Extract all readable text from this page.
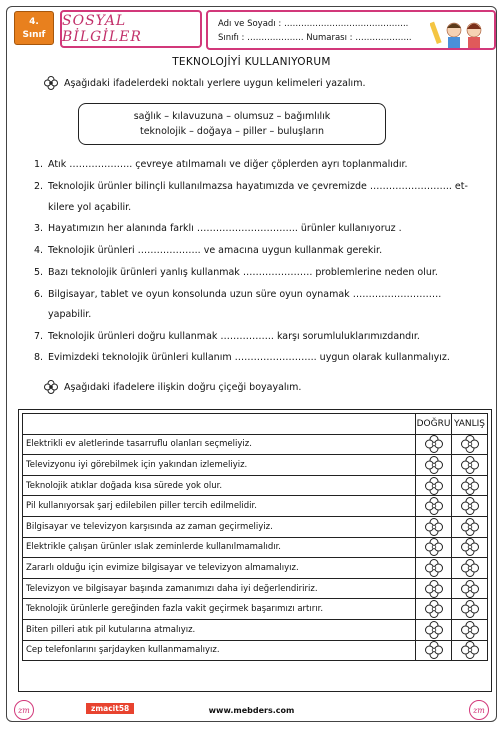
4.
Sınıf
SOSYAL BİLGİLER
Adı ve Soyadı : ……………………………………..
Sınıfı : ……………….. Numarası : ………………..
TEKNOLOJİYİ KULLANIYORUM
Aşağıdaki ifadelerdeki noktalı yerlere uygun kelimeleri yazalım.
sağlık – kılavuzuna – olumsuz – bağımlılık
teknolojik – doğaya – piller – buluşların
1. Atık ……………….. çevreye atılmamalı ve diğer çöplerden ayrı toplanmalıdır.
2. Teknolojik ürünler bilinçli kullanılmazsa hayatımızda ve çevremizde …………………….. et-
kilere yol açabilir.
3. Hayatımızın her alanında farklı ………………………….. ürünler kullanıyoruz .
4. Teknolojik ürünleri ……………….. ve amacına uygun kullanmak gerekir.
5. Bazı teknolojik ürünleri yanlış kullanmak …………………. problemlerine neden olur.
6. Bilgisayar, tablet ve oyun konsolunda uzun süre oyun oynamak ……………………….
yapabilir.
7. Teknolojik ürünleri doğru kullanmak …………….. karşı sorumluluklarımızdandır.
8. Evimizdeki teknolojik ürünleri kullanım …………………….. uygun olarak kullanmalıyız.
Aşağıdaki ifadelere ilişkin doğru çiçeği boyayalım.
	DOĞRU	YANLIŞ
Elektrikli ev aletlerinde tasarruflu olanları seçmeliyiz.	

Televizyonu iyi görebilmek için yakından izlemeliyiz.	

Teknolojik atıklar doğada kısa sürede yok olur.	

Pil kullanıyorsak şarj edilebilen piller tercih edilmelidir.	

Bilgisayar ve televizyon karşısında az zaman geçirmeliyiz.	

Elektrikle çalışan ürünler ıslak zeminlerde kullanılmamalıdır.	

Zararlı olduğu için evimize bilgisayar ve televizyon almamalıyız.	

Televizyon ve bilgisayar başında zamanımızı daha iyi değerlendiririz.	

Teknolojik ürünlerle gereğinden fazla vakit geçirmek başarımızı artırır.	

Biten pilleri atık pil kutularına atmalıyız.	

Cep telefonlarını şarjdayken kullanmamalıyız.	

zm	zmacit58	www.mebders.com	zm
